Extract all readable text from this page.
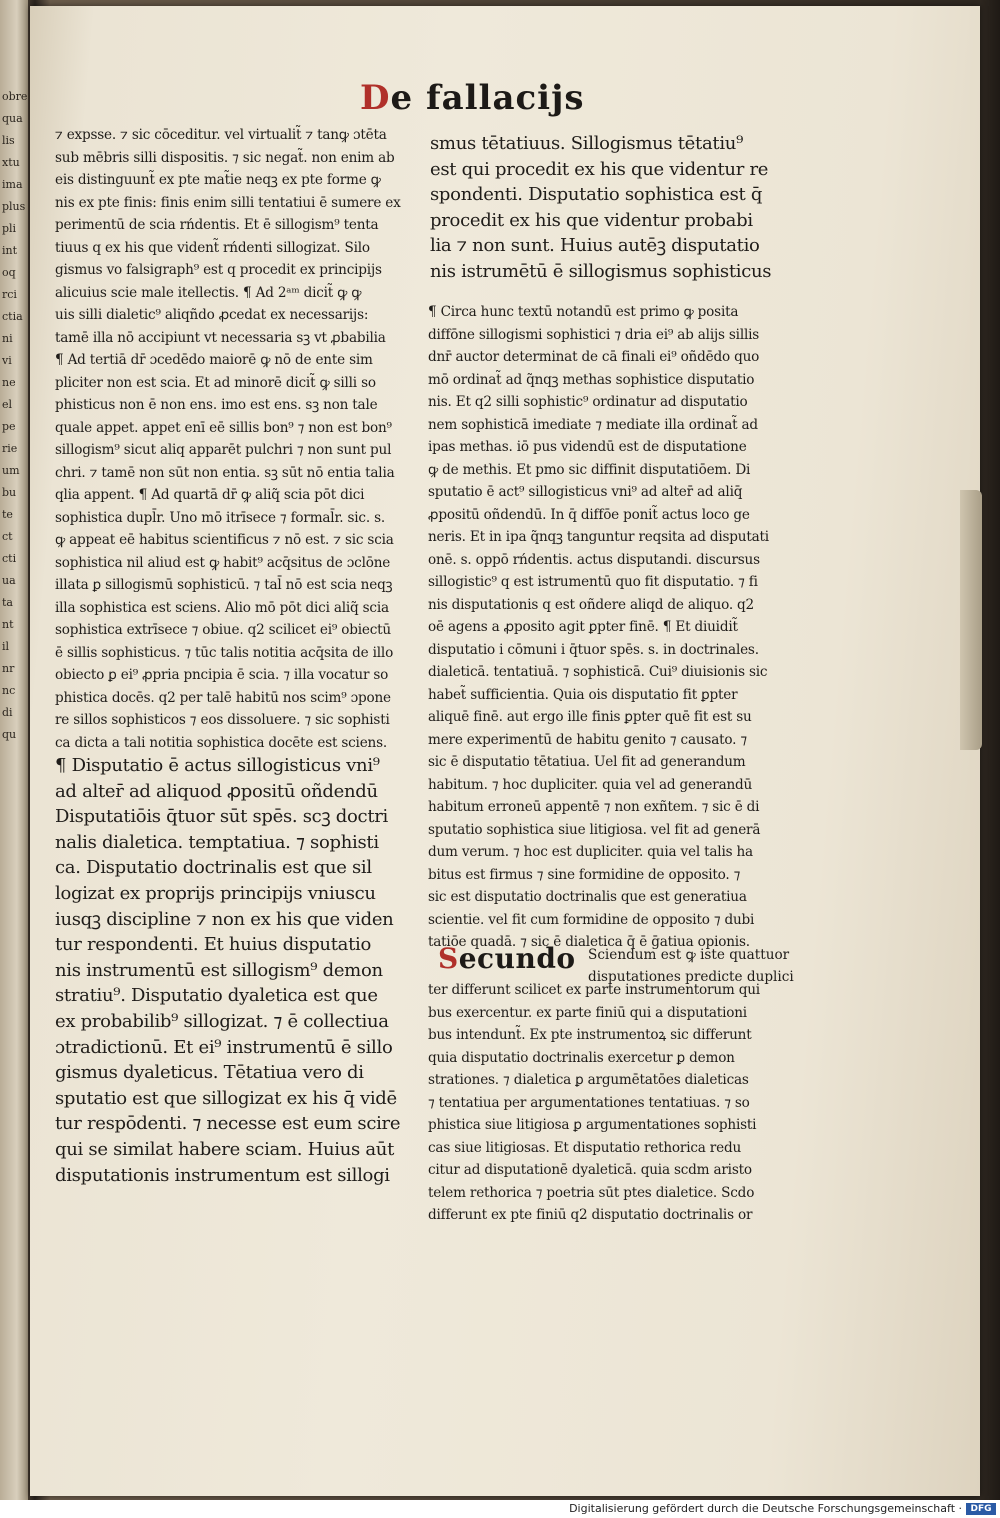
obre
qua
lis
xtu
ima
plus
pli
int
oq
rci
ctia
ni
vi
ne
el
pe
rie
um
bu
te
ct
cti
ua
ta
nt
il
nr
nc
di
qu
De fallacijs
⁊ expsse. ⁊ sic cōceditur. vel virtualit̃ ⁊ tanꝙ ɔtēta
sub mēbris silli dispositis. ⁊ sic negat̃. non enim ab
eis distinguunt̃ ex pte mat̃ie neqꝫ ex pte forme ꝙ
nis ex pte finis: finis enim silli tentatiui ē sumere ex
perimentū de scia rńdentis. Et ē sillogism⁹ tenta
tiuus q ex his que vident̃ rńdenti sillogizat. Silo
gismus vo falsigraph⁹ est q procedit ex principijs
alicuius scie male itellectis. ¶ Ad 2ᵃᵐ dicit̃ ꝙ ꝙ
uis silli dialetic⁹ aliqñdo ꝓcedat ex necessarijs:
tamē illa nō accipiunt vt necessaria sꝫ vt ꝓbabilia
¶ Ad tertiā dr̄ ɔcedēdo maiorē ꝙ nō de ente sim
pliciter non est scia. Et ad minorē dicit̃ ꝙ silli so
phisticus non ē non ens. imo est ens. sꝫ non tale
quale appet. appet enī eē sillis bon⁹ ⁊ non est bon⁹
sillogism⁹ sicut aliq apparēt pulchri ⁊ non sunt pul
chri. ⁊ tamē non sūt non entia. sꝫ sūt nō entia talia
qlia appent. ¶ Ad quartā dr̄ ꝙ aliq̃ scia pōt dici
sophistica dupl̄r. Uno mō itrīsece ⁊ formal̄r. sic. s.
ꝙ appeat eē habitus scientificus ⁊ nō est. ⁊ sic scia
sophistica nil aliud est ꝙ habit⁹ acq̄situs de ɔclōne
illata ꝑ sillogismū sophisticū. ⁊ tal̄ nō est scia neqꝫ
illa sophistica est sciens. Alio mō pōt dici aliq̃ scia
sophistica extrīsece ⁊ obiue. q2 scilicet ei⁹ obiectū
ē sillis sophisticus. ⁊ tūc talis notitia acq̄sita de illo
obiecto ꝑ ei⁹ ꝓpria pncipia ē scia. ⁊ illa vocatur so
phistica docēs. q2 per talē habitū nos scim⁹ ɔpone
re sillos sophisticos ⁊ eos dissoluere. ⁊ sic sophisti
ca dicta a tali notitia sophistica docēte est sciens.
¶ Disputatio ē actus sillogisticus vni⁹
ad alter̄ ad aliquod ꝓpositū oñdendū
Disputatiōis q̄tuor sūt spēs. scꝫ doctri
nalis dialetica. temptatiua. ⁊ sophisti
ca. Disputatio doctrinalis est que sil
logizat ex proprijs principijs vniuscu
iusqꝫ discipline ⁊ non ex his que viden
tur respondenti. Et huius disputatio
nis instrumentū est sillogism⁹ demon
stratiu⁹. Disputatio dyaletica est que
ex probabilib⁹ sillogizat. ⁊ ē collectiua
ɔtradictionū. Et ei⁹ instrumentū ē sillo
gismus dyaleticus. Tētatiua vero di
sputatio est que sillogizat ex his q̄ vidē
tur respōdenti. ⁊ necesse est eum scire
qui se similat habere sciam. Huius aūt
disputationis instrumentum est sillogi
smus tētatiuus. Sillogismus tētatiu⁹
est qui procedit ex his que videntur re
spondenti. Disputatio sophistica est q̄
procedit ex his que videntur probabi
lia ⁊ non sunt. Huius autēꝫ disputatio
nis istrumētū ē sillogismus sophisticus
¶ Circa hunc textū notandū est primo ꝙ posita
diffōne sillogismi sophistici ⁊ dria ei⁹ ab alijs sillis
dnr̄ auctor determinat de cā finali ei⁹ oñdēdo quo
mō ordinat̃ ad q̃nqꝫ methas sophistice disputatio
nis. Et q2 silli sophistic⁹ ordinatur ad disputatio
nem sophisticā imediate ⁊ mediate illa ordinat̃ ad
ipas methas. iō pus videndū est de disputatione
ꝙ de methis. Et pmo sic diffinit disputatiōem. Di
sputatio ē act⁹ sillogisticus vni⁹ ad alter̄ ad aliq̄
ꝓpositū oñdendū. In q̄ diffōe ponit̃ actus loco ge
neris. Et in ipa q̃nqꝫ tanguntur reqsita ad disputati
onē. s. oppō rńdentis. actus disputandi. discursus
sillogistic⁹ q est istrumentū quo fit disputatio. ⁊ fi
nis disputationis q est oñdere aliqd de aliquo. q2
oē agens a ꝓposito agit ꝑpter finē. ¶ Et diuidit̃
disputatio i cōmuni i q̄tuor spēs. s. in doctrinales.
dialeticā. tentatiuā. ⁊ sophisticā. Cui⁹ diuisionis sic
habet̃ sufficientia. Quia ois disputatio fit ꝑpter
aliquē finē. aut ergo ille finis ꝑpter quē fit est su
mere experimentū de habitu genito ⁊ causato. ⁊
sic ē disputatio tētatiua. Uel fit ad generandum
habitum. ⁊ hoc dupliciter. quia vel ad generandū
habitum erroneū appentē ⁊ non exñtem. ⁊ sic ē di
sputatio sophistica siue litigiosa. vel fit ad generā
dum verum. ⁊ hoc est dupliciter. quia vel talis ha
bitus est firmus ⁊ sine formidine de opposito. ⁊
sic est disputatio doctrinalis que est generatiua
scientie. vel fit cum formidine de opposito ⁊ dubi
tatiōe quadā. ⁊ sic ē dialetica q̄ ē ḡatiua opionis.
Secundo Sciendum est ꝙ iste quattuor
disputationes predicte duplici
ter differunt scilicet ex parte instrumentorum qui
bus exercentur. ex parte finiū qui a disputationi
bus intendunt̃. Ex pte instrumentoꝝ sic differunt
quia disputatio doctrinalis exercetur ꝑ demon
strationes. ⁊ dialetica ꝑ argumētatōes dialeticas
⁊ tentatiua per argumentationes tentatiuas. ⁊ so
phistica siue litigiosa ꝑ argumentationes sophisti
cas siue litigiosas. Et disputatio rethorica redu
citur ad disputationē dyaleticā. quia scdm aristo
telem rethorica ⁊ poetria sūt ptes dialetice. Scdo
differunt ex pte finiū q2 disputatio doctrinalis or
Digitalisierung gefördert durch die Deutsche Forschungsgemeinschaft · DFG
